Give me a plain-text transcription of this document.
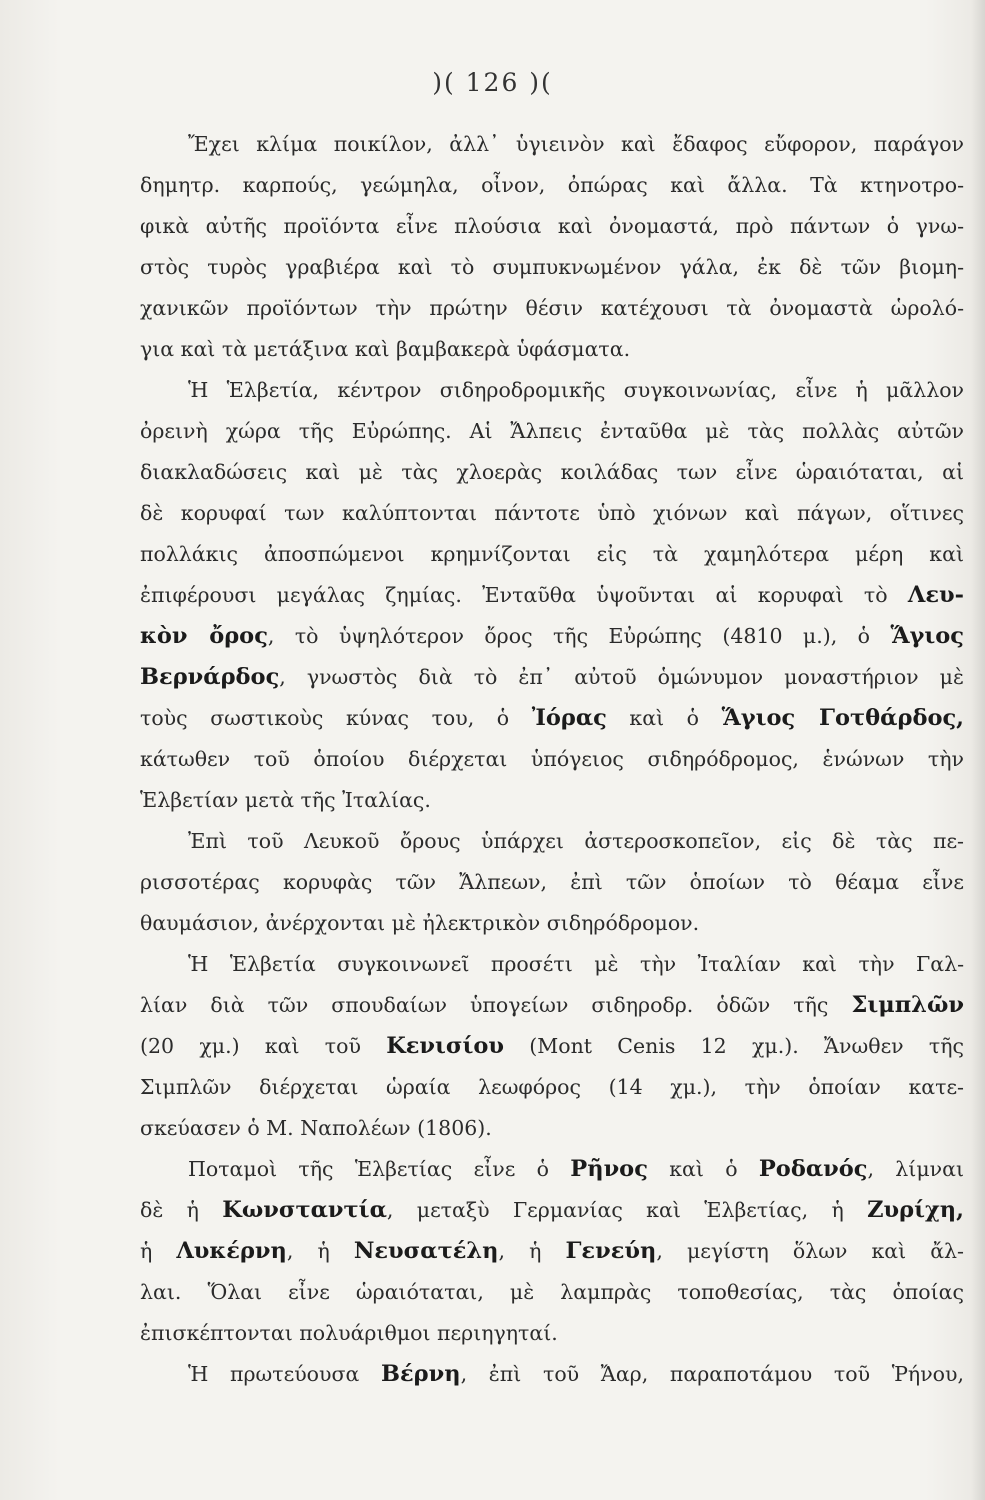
)( 126 )(
Ἔχει κλίμα ποικίλον, ἀλλ᾽ ὑγιεινὸν καὶ ἔδαφος εὔφορον, παράγον
δημητρ. καρπούς, γεώμηλα, οἶνον, ὀπώρας καὶ ἄλλα. Τὰ κτηνοτρο-
φικὰ αὐτῆς προϊόντα εἶνε πλούσια καὶ ὀνομαστά, πρὸ πάντων ὁ γνω-
στὸς τυρὸς γραβιέρα καὶ τὸ συμπυκνωμένον γάλα, ἐκ δὲ τῶν βιομη-
χανικῶν προϊόντων τὴν πρώτην θέσιν κατέχουσι τὰ ὀνομαστὰ ὡρολό-
για καὶ τὰ μετάξινα καὶ βαμβακερὰ ὑφάσματα.
Ἡ Ἑλβετία, κέντρον σιδηροδρομικῆς συγκοινωνίας, εἶνε ἡ μᾶλλον
ὀρεινὴ χώρα τῆς Εὐρώπης. Αἱ Ἄλπεις ἐνταῦθα μὲ τὰς πολλὰς αὐτῶν
διακλαδώσεις καὶ μὲ τὰς χλοερὰς κοιλάδας των εἶνε ὡραιόταται, αἱ
δὲ κορυφαί των καλύπτονται πάντοτε ὑπὸ χιόνων καὶ πάγων, οἵτινες
πολλάκις ἀποσπώμενοι κρημνίζονται εἰς τὰ χαμηλότερα μέρη καὶ
ἐπιφέρουσι μεγάλας ζημίας. Ἐνταῦθα ὑψοῦνται αἱ κορυφαὶ τὸ Λευ-
κὸν ὄρος, τὸ ὑψηλότερον ὄρος τῆς Εὐρώπης (4810 μ.), ὁ Ἅγιος
Βερνάρδος, γνωστὸς διὰ τὸ ἐπ᾽ αὐτοῦ ὁμώνυμον μοναστήριον μὲ
τοὺς σωστικοὺς κύνας του, ὁ Ἰόρας καὶ ὁ Ἅγιος Γοτθάρδος,
κάτωθεν τοῦ ὁποίου διέρχεται ὑπόγειος σιδηρόδρομος, ἑνώνων τὴν
Ἑλβετίαν μετὰ τῆς Ἰταλίας.
Ἐπὶ τοῦ Λευκοῦ ὄρους ὑπάρχει ἀστεροσκοπεῖον, εἰς δὲ τὰς πε-
ρισσοτέρας κορυφὰς τῶν Ἄλπεων, ἐπὶ τῶν ὁποίων τὸ θέαμα εἶνε
θαυμάσιον, ἀνέρχονται μὲ ἠλεκτρικὸν σιδηρόδρομον.
Ἡ Ἑλβετία συγκοινωνεῖ προσέτι μὲ τὴν Ἰταλίαν καὶ τὴν Γαλ-
λίαν διὰ τῶν σπουδαίων ὑπογείων σιδηροδρ. ὁδῶν τῆς Σιμπλῶν
(20 χμ.) καὶ τοῦ Κενισίου (Mont Cenis 12 χμ.). Ἄνωθεν τῆς
Σιμπλῶν διέρχεται ὡραία λεωφόρος (14 χμ.), τὴν ὁποίαν κατε-
σκεύασεν ὁ Μ. Ναπολέων (1806).
Ποταμοὶ τῆς Ἑλβετίας εἶνε ὁ Ρῆνος καὶ ὁ Ροδανός, λίμναι
δὲ ἡ Κωνσταντία, μεταξὺ Γερμανίας καὶ Ἑλβετίας, ἡ Ζυρίχη,
ἡ Λυκέρνη, ἡ Νευσατέλη, ἡ Γενεύη, μεγίστη ὅλων καὶ ἄλ-
λαι. Ὅλαι εἶνε ὡραιόταται, μὲ λαμπρὰς τοποθεσίας, τὰς ὁποίας
ἐπισκέπτονται πολυάριθμοι περιηγηταί.
Ἡ πρωτεύουσα Βέρνη, ἐπὶ τοῦ Ἄαρ, παραποτάμου τοῦ Ῥήνου,
